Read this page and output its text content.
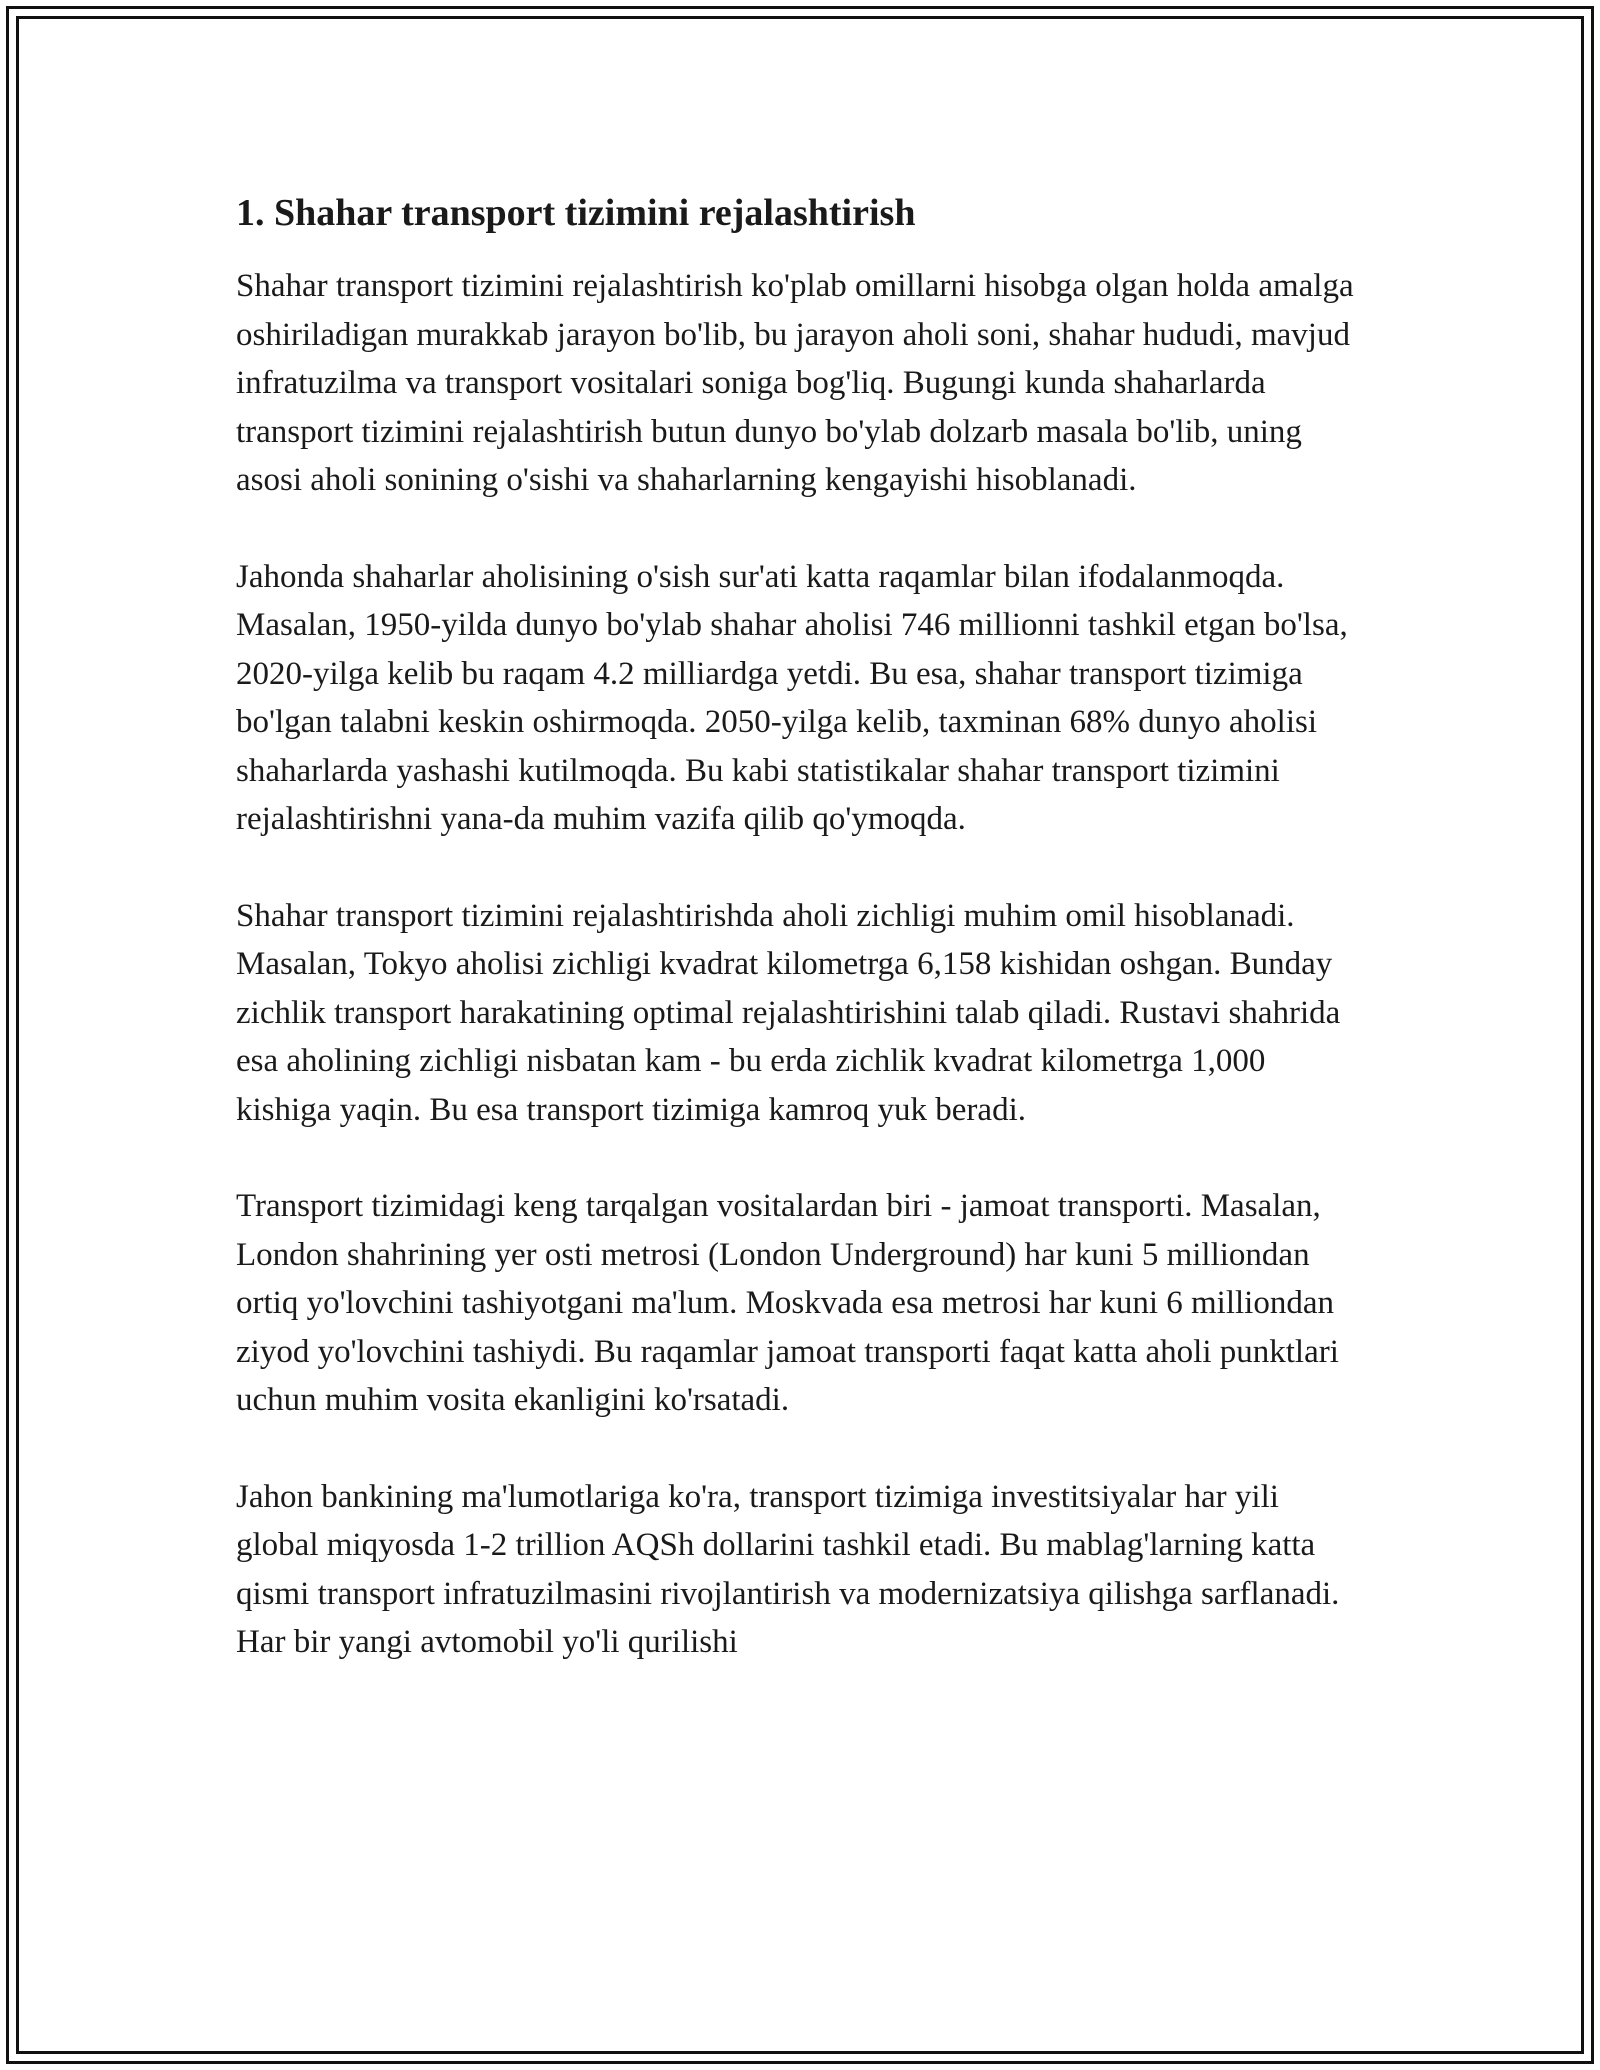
1. Shahar transport tizimini rejalashtirish

Shahar transport tizimini rejalashtirish ko'plab omillarni hisobga olgan holda amalga oshiriladigan murakkab jarayon bo'lib, bu jarayon aholi soni, shahar hududi, mavjud infratuzilma va transport vositalari soniga bog'liq. Bugungi kunda shaharlarda transport tizimini rejalashtirish butun dunyo bo'ylab dolzarb masala bo'lib, uning asosi aholi sonining o'sishi va shaharlarning kengayishi hisoblanadi.

Jahonda shaharlar aholisining o'sish sur'ati katta raqamlar bilan ifodalanmoqda. Masalan, 1950-yilda dunyo bo'ylab shahar aholisi 746 millionni tashkil etgan bo'lsa, 2020-yilga kelib bu raqam 4.2 milliardga yetdi. Bu esa, shahar transport tizimiga bo'lgan talabni keskin oshirmoqda. 2050-yilga kelib, taxminan 68% dunyo aholisi shaharlarda yashashi kutilmoqda. Bu kabi statistikalar shahar transport tizimini rejalashtirishni yana-da muhim vazifa qilib qo'ymoqda.

Shahar transport tizimini rejalashtirishda aholi zichligi muhim omil hisoblanadi. Masalan, Tokyo aholisi zichligi kvadrat kilometrga 6,158 kishidan oshgan. Bunday zichlik transport harakatining optimal rejalashtirishini talab qiladi. Rustavi shahrida esa aholining zichligi nisbatan kam - bu erda zichlik kvadrat kilometrga 1,000 kishiga yaqin. Bu esa transport tizimiga kamroq yuk beradi.

Transport tizimidagi keng tarqalgan vositalardan biri - jamoat transporti. Masalan, London shahrining yer osti metrosi (London Underground) har kuni 5 milliondan ortiq yo'lovchini tashiyotgani ma'lum. Moskvada esa metrosi har kuni 6 milliondan ziyod yo'lovchini tashiydi. Bu raqamlar jamoat transporti faqat katta aholi punktlari uchun muhim vosita ekanligini ko'rsatadi.

Jahon bankining ma'lumotlariga ko'ra, transport tizimiga investitsiyalar har yili global miqyosda 1-2 trillion AQSh dollarini tashkil etadi. Bu mablag'larning katta qismi transport infratuzilmasini rivojlantirish va modernizatsiya qilishga sarflanadi. Har bir yangi avtomobil yo'li qurilishi
